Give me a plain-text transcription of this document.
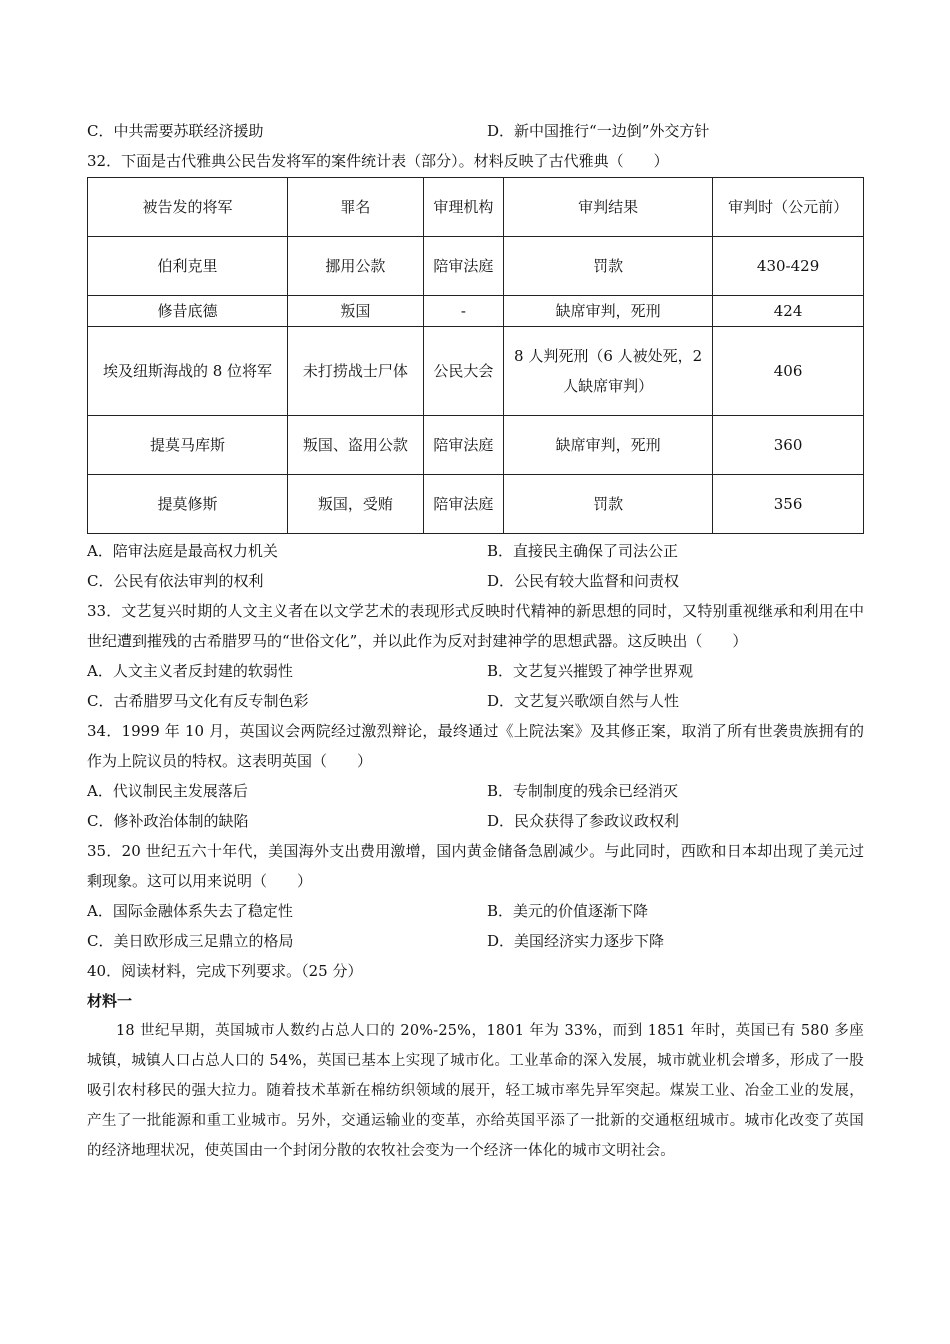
C．中共需要苏联经济援助	D．新中国推行“一边倒”外交方针
32．下面是古代雅典公民告发将军的案件统计表（部分）。材料反映了古代雅典（　　）
被告发的将军	罪名	审理机构	审判结果	审判时（公元前）
伯利克里	挪用公款	陪审法庭	罚款	430-429
修昔底德	叛国	-	缺席审判，死刑	424
埃及纽斯海战的 8 位将军	未打捞战士尸体	公民大会	8 人判死刑（6 人被处死，2 人缺席审判）	406
提莫马库斯	叛国、盗用公款	陪审法庭	缺席审判，死刑	360
提莫修斯	叛国，受贿	陪审法庭	罚款	356
A．陪审法庭是最高权力机关	B．直接民主确保了司法公正
C．公民有依法审判的权利	D．公民有较大监督和问责权
33．文艺复兴时期的人文主义者在以文学艺术的表现形式反映时代精神的新思想的同时，又特别重视继承和利用在中世纪遭到摧残的古希腊罗马的“世俗文化”，并以此作为反对封建神学的思想武器。这反映出（　　）
A．人文主义者反封建的软弱性	B．文艺复兴摧毁了神学世界观
C．古希腊罗马文化有反专制色彩	D．文艺复兴歌颂自然与人性
34．1999 年 10 月，英国议会两院经过激烈辩论，最终通过《上院法案》及其修正案，取消了所有世袭贵族拥有的作为上院议员的特权。这表明英国（　　）
A．代议制民主发展落后	B．专制制度的残余已经消灭
C．修补政治体制的缺陷	D．民众获得了参政议政权利
35．20 世纪五六十年代，美国海外支出费用激增，国内黄金储备急剧减少。与此同时，西欧和日本却出现了美元过剩现象。这可以用来说明（　　）
A．国际金融体系失去了稳定性	B．美元的价值逐渐下降
C．美日欧形成三足鼎立的格局	D．美国经济实力逐步下降
40．阅读材料，完成下列要求。（25 分）
材料一
18 世纪早期，英国城市人数约占总人口的 20%-25%，1801 年为 33%，而到 1851 年时，英国已有 580 多座城镇，城镇人口占总人口的 54%，英国已基本上实现了城市化。工业革命的深入发展，城市就业机会增多，形成了一股吸引农村移民的强大拉力。随着技术革新在棉纺织领域的展开，轻工城市率先异军突起。煤炭工业、冶金工业的发展，产生了一批能源和重工业城市。另外，交通运输业的变革，亦给英国平添了一批新的交通枢纽城市。城市化改变了英国的经济地理状况，使英国由一个封闭分散的农牧社会变为一个经济一体化的城市文明社会。
